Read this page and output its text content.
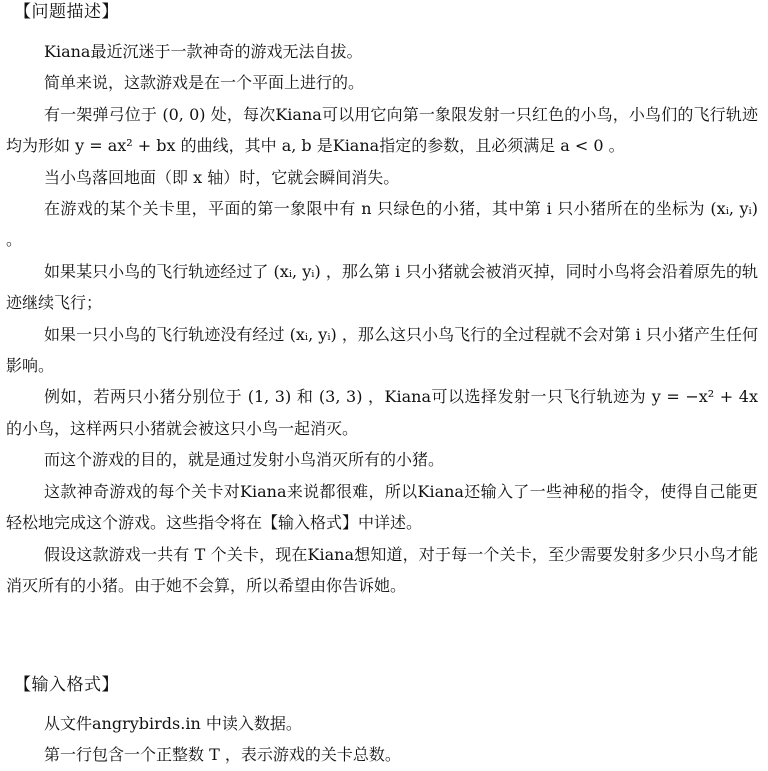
【问题描述】

Kiana最近沉迷于一款神奇的游戏无法自拔。

简单来说，这款游戏是在一个平面上进行的。

有一架弹弓位于 (0, 0) 处，每次Kiana可以用它向第一象限发射一只红色的小鸟，小鸟们的飞行轨迹均为形如 y = ax² + bx 的曲线，其中 a, b 是Kiana指定的参数，且必须满足 a < 0 。

当小鸟落回地面（即 x 轴）时，它就会瞬间消失。

在游戏的某个关卡里，平面的第一象限中有 n 只绿色的小猪，其中第 i 只小猪所在的坐标为 (xᵢ, yᵢ) 。

如果某只小鸟的飞行轨迹经过了 (xᵢ, yᵢ) ，那么第 i 只小猪就会被消灭掉，同时小鸟将会沿着原先的轨迹继续飞行；

如果一只小鸟的飞行轨迹没有经过 (xᵢ, yᵢ) ，那么这只小鸟飞行的全过程就不会对第 i 只小猪产生任何影响。

例如，若两只小猪分别位于 (1, 3) 和 (3, 3) ，Kiana可以选择发射一只飞行轨迹为 y = −x² + 4x 的小鸟，这样两只小猪就会被这只小鸟一起消灭。

而这个游戏的目的，就是通过发射小鸟消灭所有的小猪。

这款神奇游戏的每个关卡对Kiana来说都很难，所以Kiana还输入了一些神秘的指令，使得自己能更轻松地完成这个游戏。这些指令将在【输入格式】中详述。

假设这款游戏一共有 T 个关卡，现在Kiana想知道，对于每一个关卡，至少需要发射多少只小鸟才能消灭所有的小猪。由于她不会算，所以希望由你告诉她。

【输入格式】

从文件angrybirds.in 中读入数据。

第一行包含一个正整数 T ，表示游戏的关卡总数。
